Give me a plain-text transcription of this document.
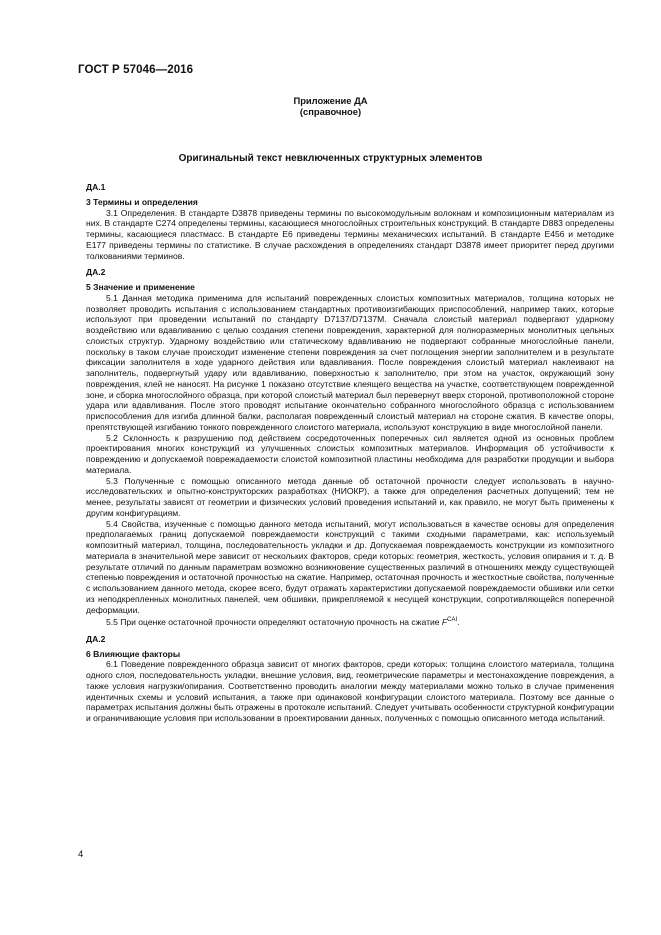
ГОСТ Р 57046—2016
Приложение ДА
(справочное)
Оригинальный текст невключенных структурных элементов
ДА.1
3 Термины и определения

3.1 Определения. В стандарте D3878 приведены термины по высокомодульным волокнам и композиционным материалам из них. В стандарте C274 определены термины, касающиеся многослойных строительных конструкций. В стандарте D883 определены термины, касающиеся пластмасс. В стандарте E6 приведены термины механических испытаний. В стандарте E456 и методике E177 приведены термины по статистике. В случае расхождения в определениях стандарт D3878 имеет приоритет перед другими толкованиями терминов.

ДА.2
5 Значение и применение

5.1 Данная методика применима для испытаний поврежденных слоистых композитных материалов, толщина которых не позволяет проводить испытания с использованием стандартных противоизгибающих приспособлений, например таких, которые используют при проведении испытаний по стандарту D7137/D7137M. Сначала слоистый материал подвергают ударному воздействию или вдавливанию с целью создания степени повреждения, характерной для полноразмерных монолитных цельных слоистых структур. Ударному воздействию или статическому вдавливанию не подвергают собранные многослойные панели, поскольку в таком случае происходит изменение степени повреждения за счет поглощения энергии заполнителем и в результате фиксации заполнителя в ходе ударного действия или вдавливания. После повреждения слоистый материал наклеивают на заполнитель, подвергнутый удару или вдавливанию, поверхностью к заполнителю, при этом на участок, окружающий зону повреждения, клей не наносят. На рисунке 1 показано отсутствие клеящего вещества на участке, соответствующем поврежденной зоне, и сборка многослойного образца, при которой слоистый материал был перевернут вверх стороной, противоположной стороне удара или вдавливания. После этого проводят испытание окончательно собранного многослойного образца с использованием приспособления для изгиба длинной балки, располагая поврежденный слоистый материал на стороне сжатия. В качестве опоры, препятствующей изгибанию тонкого поврежденного слоистого материала, используют конструкцию в виде многослойной панели.

5.2 Склонность к разрушению под действием сосредоточенных поперечных сил является одной из основных проблем проектирования многих конструкций из улучшенных слоистых композитных материалов. Информация об устойчивости к повреждению и допускаемой поврежадаемости слоистой композитной пластины необходима для разработки продукции и выбора материала.

5.3 Полученные с помощью описанного метода данные об остаточной прочности следует использовать в научно-исследовательских и опытно-конструкторских разработках (НИОКР), а также для определения расчетных допущений; тем не менее, результаты зависят от геометрии и физических условий проведения испытаний и, как правило, не могут быть применены к другим конфигурациям.

5.4 Свойства, изученные с помощью данного метода испытаний, могут использоваться в качестве основы для определения предполагаемых границ допускаемой повреждаемости конструкций с такими сходными параметрами, как: используемый композитный материал, толщина, последовательность укладки и др. Допускаемая повреждаемость конструкции из композитного материала в значительной мере зависит от нескольких факторов, среди которых: геометрия, жесткость, условия опирания и т. д. В результате отличий по данным параметрам возможно возникновение существенных различий в отношениях между существующей степенью повреждения и остаточной прочностью на сжатие. Например, остаточная прочность и жесткостные свойства, полученные с использованием данного метода, скорее всего, будут отражать характеристики допускаемой повреждаемости обшивки или сетки из неподкрепленных монолитных панелей, чем обшивки, прикрепляемой к несущей конструкции, сопротивляющейся поперечной деформации.

5.5 При оценке остаточной прочности определяют остаточную прочность на сжатие $F^{CAI}$.

ДА.2
6 Влияющие факторы

6.1 Поведение поврежденного образца зависит от многих факторов, среди которых: толщина слоистого материала, толщина одного слоя, последовательность укладки, внешние условия, вид, геометрические параметры и местонахождение повреждения, а также условия нагрузки/опирания. Соответственно проводить аналогии между материалами можно только в случае применения идентичных схемы и условий испытания, а также при одинаковой конфигурации слоистого материала. Поэтому все данные о параметрах испытания должны быть отражены в протоколе испытаний. Следует учитывать особенности структурной конфигурации и ограничивающие условия при использовании в проектировании данных, полученных с помощью описанного метода испытаний.

4
